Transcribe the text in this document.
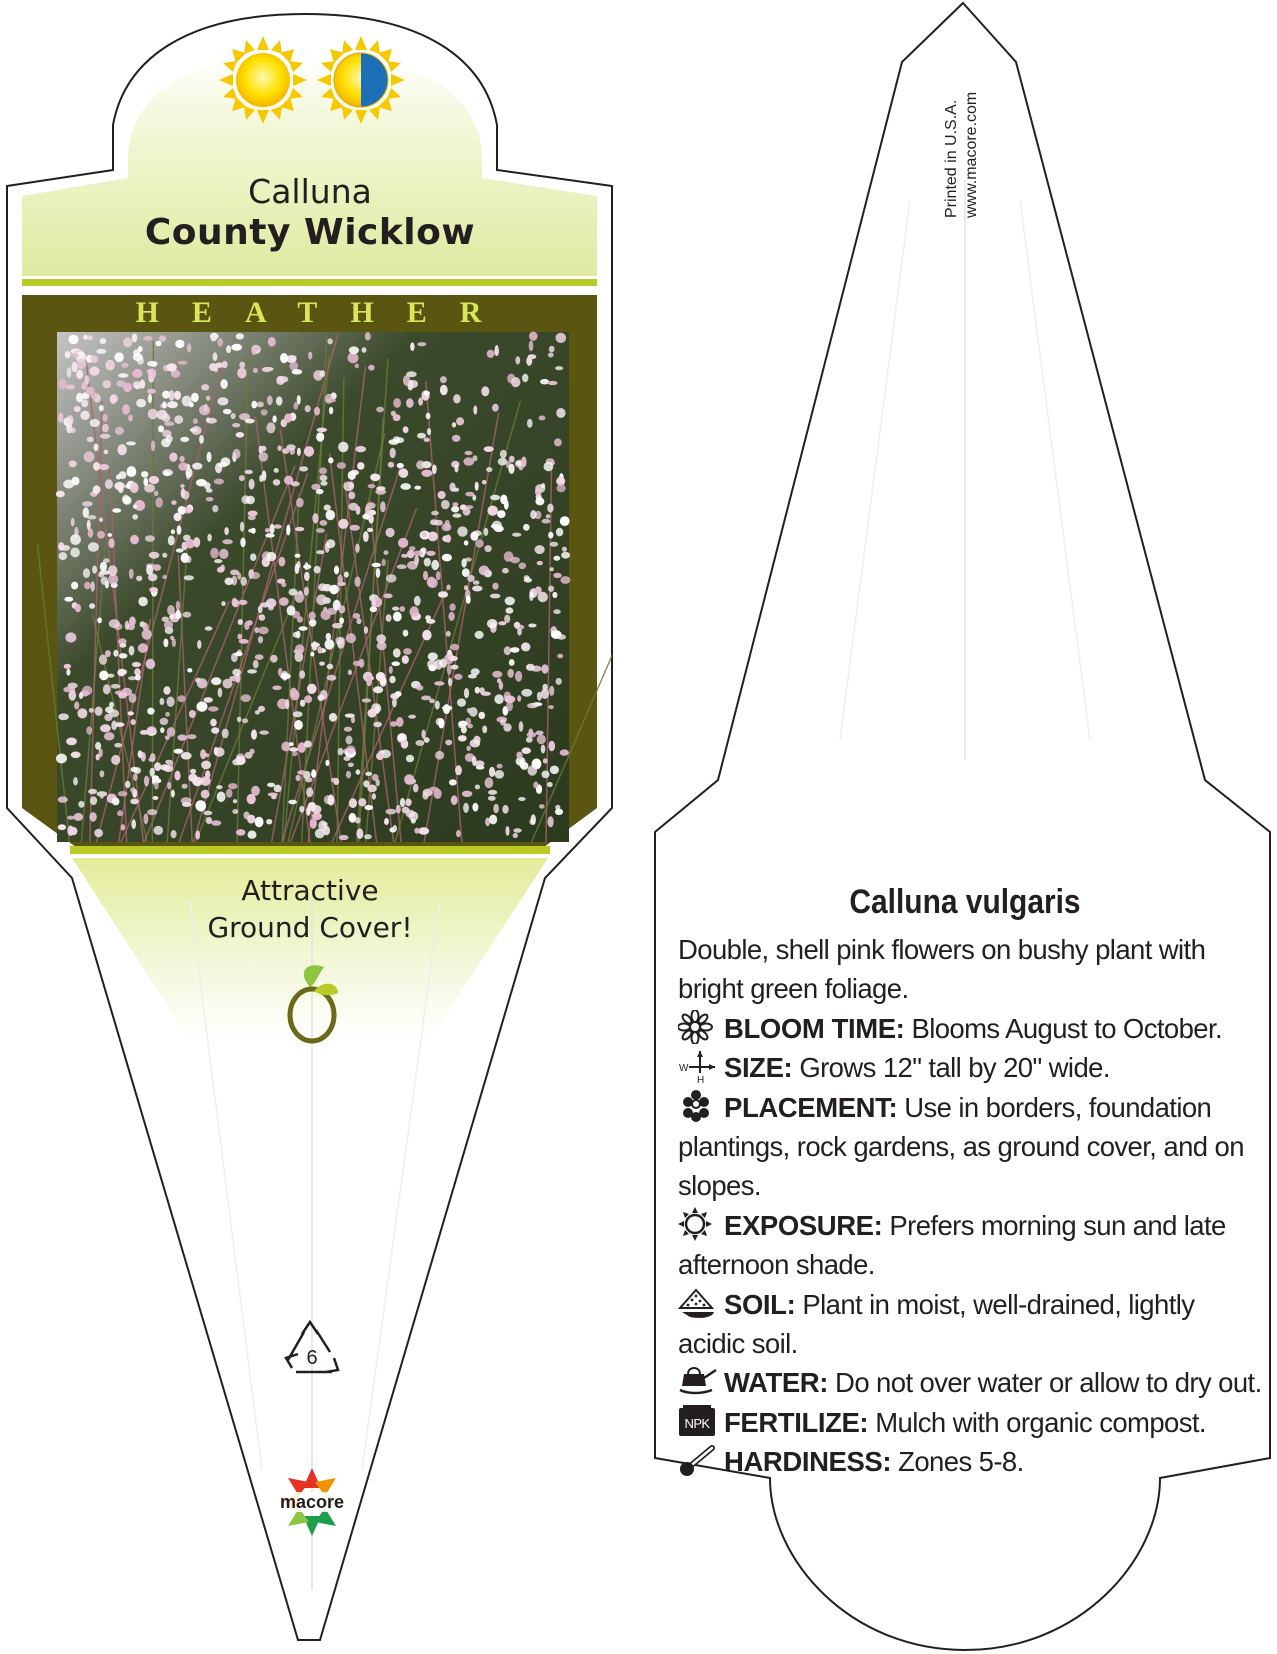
6
macore
Calluna
County Wicklow
HEATHER
Attractive
Ground Cover!
Printed in U.S.A. www.macore.com
Calluna vulgaris

Double, shell pink flowers on bushy plant with bright green foliage.

BLOOM TIME: Blooms August to October.

W
H SIZE: Grows 12" tall by 20" wide.

PLACEMENT: Use in borders, foundation plantings, rock gardens, as ground cover, and on slopes.

EXPOSURE: Prefers morning sun and late afternoon shade.

SOIL: Plant in moist, well-drained, lightly acidic soil.

WATER: Do not over water or allow to dry out.

NPK FERTILIZE: Mulch with organic compost.

HARDINESS: Zones 5-8.
